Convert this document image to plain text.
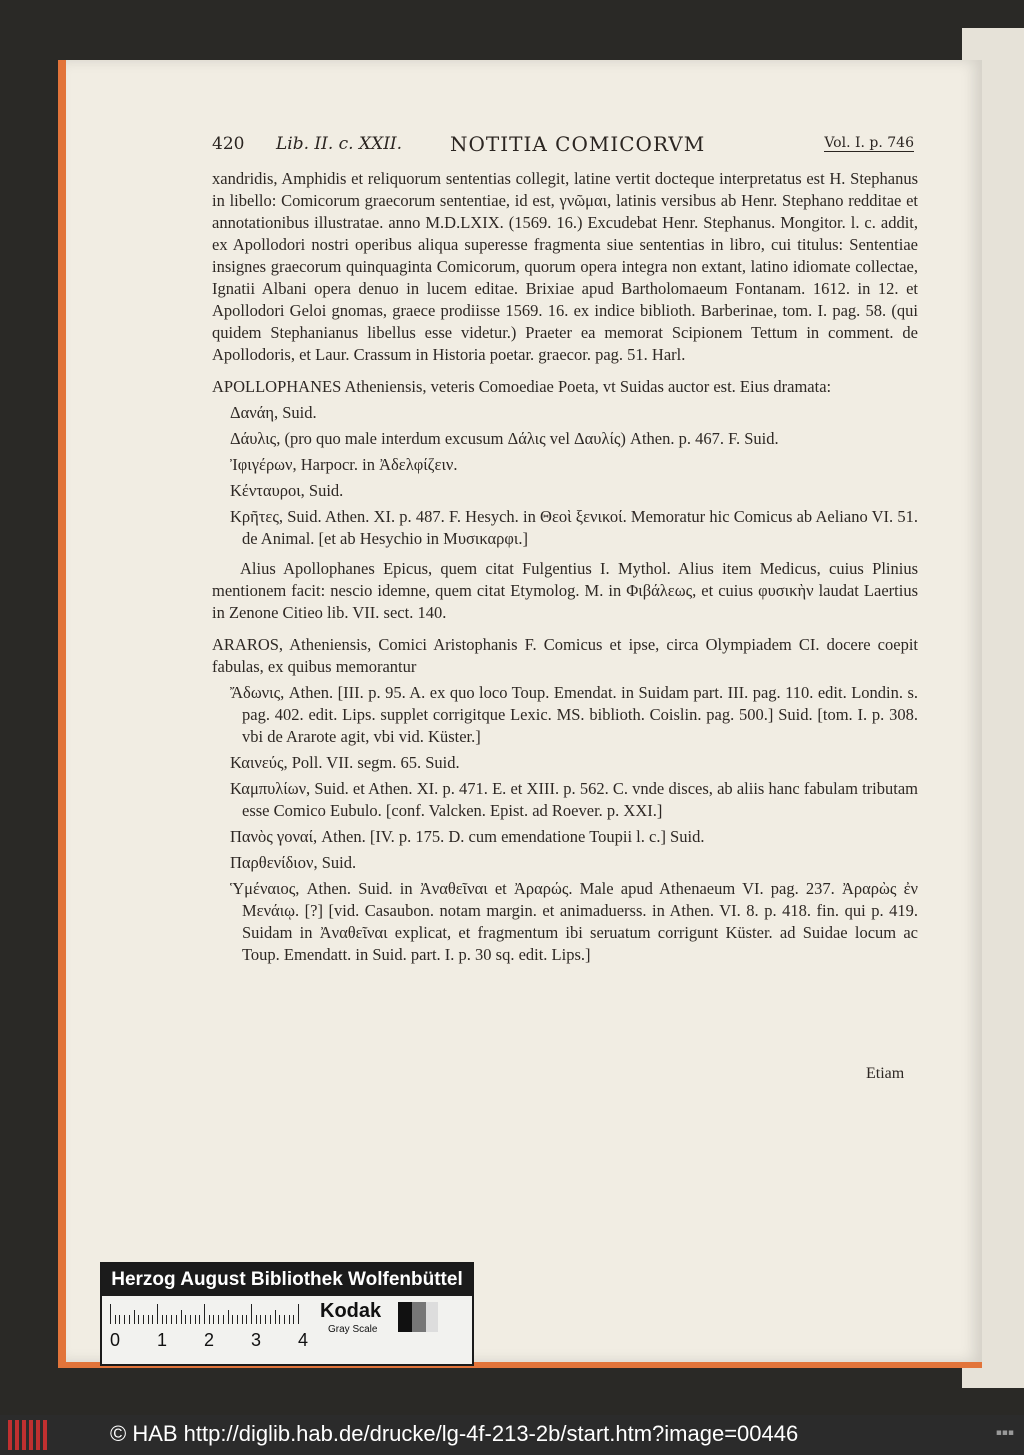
420 Lib. II. c. XXII. NOTITIA COMICORVM	Vol. I. p. 746

xandridis, Amphidis et reliquorum sententias collegit, latine vertit docteque interpretatus est H. Stephanus in libello: Comicorum graecorum sententiae, id est, γνῶμαι, latinis versibus ab Henr. Stephano redditae et annotationibus illustratae. anno M.D.LXIX. (1569. 16.) Excudebat Henr. Stephanus. Mongitor. l. c. addit, ex Apollodori nostri operibus aliqua superesse fragmenta siue sententias in libro, cui titulus: Sententiae insignes graecorum quinquaginta Comicorum, quorum opera integra non extant, latino idiomate collectae, Ignatii Albani opera denuo in lucem editae. Brixiae apud Bartholomaeum Fontanam. 1612. in 12. et Apollodori Geloi gnomas, graece prodiisse 1569. 16. ex indice biblioth. Barberinae, tom. I. pag. 58. (qui quidem Stephanianus libellus esse videtur.) Praeter ea memorat Scipionem Tettum in comment. de Apollodoris, et Laur. Crassum in Historia poetar. graecor. pag. 51. Harl.

APOLLOPHANES Atheniensis, veteris Comoediae Poeta, vt Suidas auctor est. Eius dramata:

Δανάη, Suid.

Δάυλις, (pro quo male interdum excusum Δάλις vel Δαυλίς) Athen. p. 467. F. Suid.

Ἰφιγέρων, Harpocr. in Ἀδελφίζειν.

Κένταυροι, Suid.

Κρῆτες, Suid. Athen. XI. p. 487. F. Hesych. in Θεοὶ ξενικοί. Memoratur hic Comicus ab Aeliano VI. 51. de Animal. [et ab Hesychio in Μυσικαρφι.]

Alius Apollophanes Epicus, quem citat Fulgentius I. Mythol. Alius item Medicus, cuius Plinius mentionem facit: nescio idemne, quem citat Etymolog. M. in Φιβάλεως, et cuius φυσικὴν laudat Laertius in Zenone Citieo lib. VII. sect. 140.

ARAROS, Atheniensis, Comici Aristophanis F. Comicus et ipse, circa Olympiadem CI. docere coepit fabulas, ex quibus memorantur

Ἄδωνις, Athen. [III. p. 95. A. ex quo loco Toup. Emendat. in Suidam part. III. pag. 110. edit. Londin. s. pag. 402. edit. Lips. supplet corrigitque Lexic. MS. biblioth. Coislin. pag. 500.] Suid. [tom. I. p. 308. vbi de Ararote agit, vbi vid. Küster.]

Καινεύς, Poll. VII. segm. 65. Suid.

Καμπυλίων, Suid. et Athen. XI. p. 471. E. et XIII. p. 562. C. vnde disces, ab aliis hanc fabulam tributam esse Comico Eubulo. [conf. Valcken. Epist. ad Roever. p. XXI.]

Πανὸς γοναί, Athen. [IV. p. 175. D. cum emendatione Toupii l. c.] Suid.

Παρθενίδιον, Suid.

Ὑμέναιος, Athen. Suid. in Ἀναθεῖναι et Ἀραρώς. Male apud Athenaeum VI. pag. 237. Ἀραρὼς ἐν Μενάιῳ. [?] [vid. Casaubon. notam margin. et animaduerss. in Athen. VI. 8. p. 418. fin. qui p. 419. Suidam in Ἀναθεῖναι explicat, et fragmentum ibi seruatum corrigunt Küster. ad Suidae locum ac Toup. Emendatt. in Suid. part. I. p. 30 sq. edit. Lips.]

Etiam
Herzog August Bibliothek Wolfenbüttel
0 1 2 3 4
Kodak
Gray Scale
© HAB http://diglib.hab.de/drucke/lg-4f-213-2b/start.htm?image=00446	▪▪▪
